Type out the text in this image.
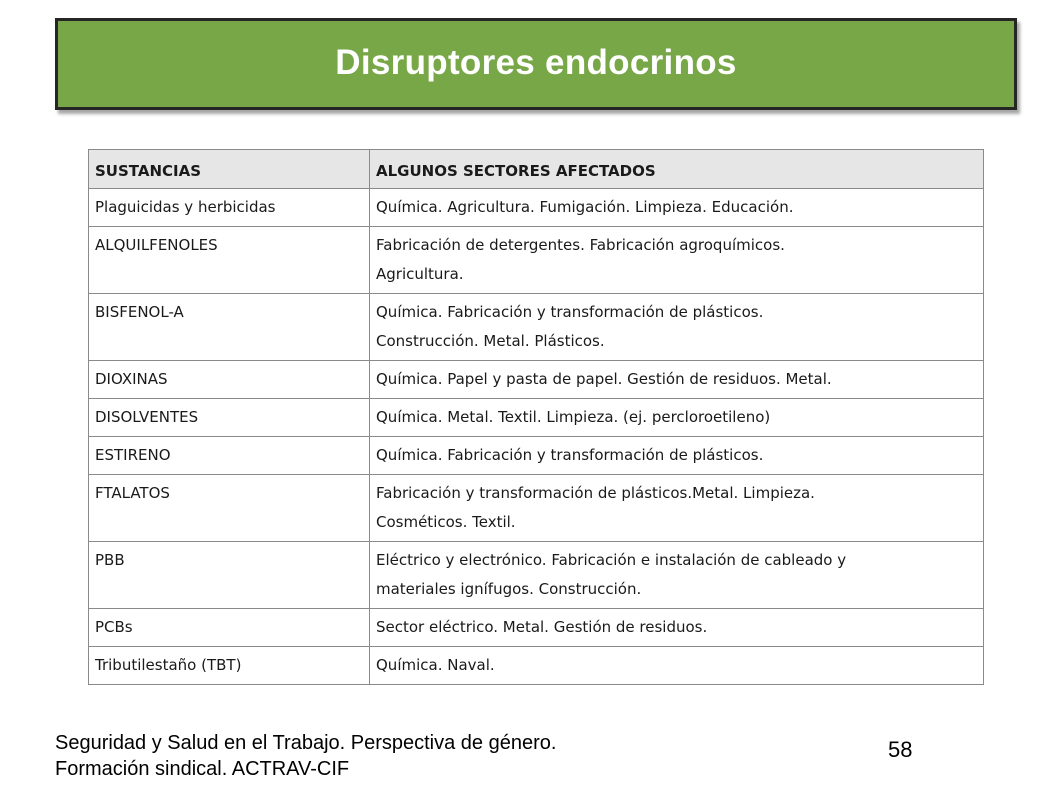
Disruptores endocrinos
SUSTANCIAS	ALGUNOS SECTORES AFECTADOS
Plaguicidas y herbicidas	Química. Agricultura. Fumigación. Limpieza. Educación.

ALQUILFENOLES	Fabricación de detergentes. Fabricación agroquímicos.
Agricultura.

BISFENOL-A	Química. Fabricación y transformación de plásticos.
Construcción. Metal. Plásticos.

DIOXINAS	Química. Papel y pasta de papel. Gestión de residuos. Metal.

DISOLVENTES	Química. Metal. Textil. Limpieza. (ej. percloroetileno)

ESTIRENO	Química. Fabricación y transformación de plásticos.

FTALATOS	Fabricación y transformación de plásticos.Metal. Limpieza.
Cosméticos. Textil.

PBB	Eléctrico y electrónico. Fabricación e instalación de cableado y
materiales ignífugos. Construcción.

PCBs	Sector eléctrico. Metal. Gestión de residuos.

Tributilestaño (TBT)	Química. Naval.
Seguridad y Salud en el Trabajo. Perspectiva de género.
Formación sindical. ACTRAV-CIF
58
